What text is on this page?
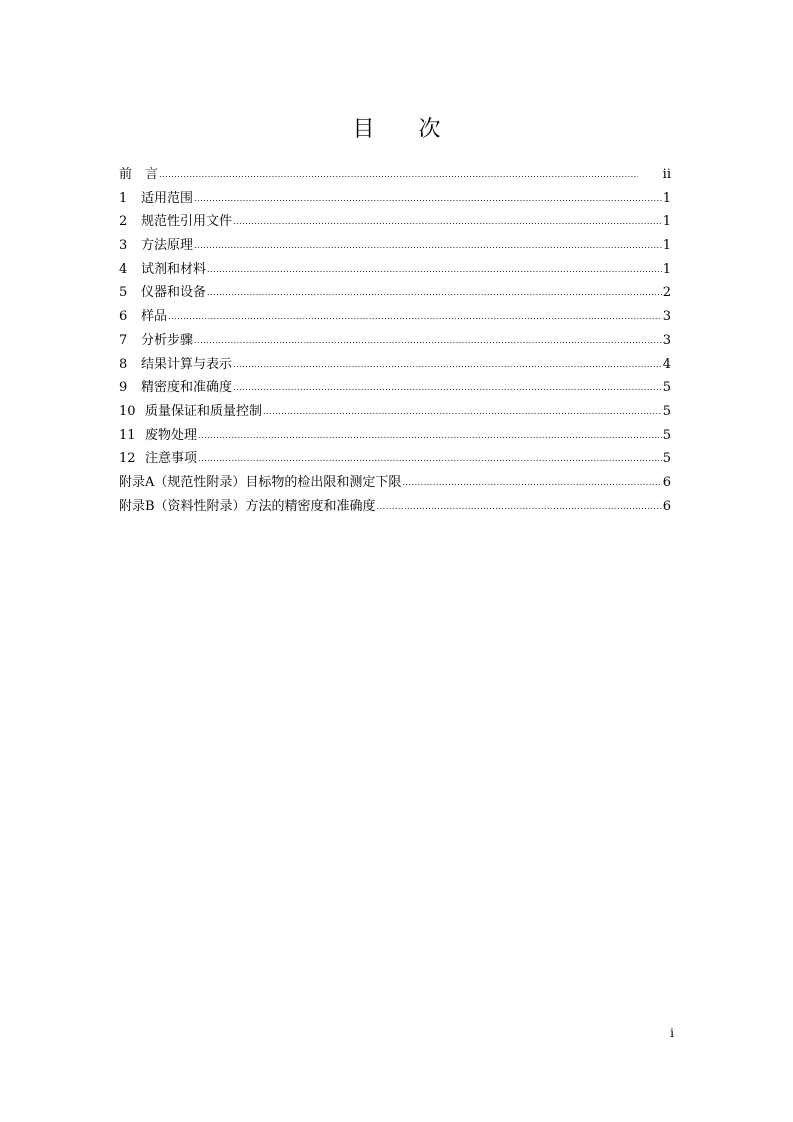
目 次
前　言 .....	ii
1	适用范围 .....	1
2	规范性引用文件 .....	1
3	方法原理 .....	1
4	试剂和材料 .....	1
5	仪器和设备 .....	2
6	样品 .....	3
7	分析步骤 .....	3
8	结果计算与表示 .....	4
9	精密度和准确度 .....	5
10 质量保证和质量控制 .....	5
11 废物处理 .....	5
12 注意事项 .....	5
附录A（规范性附录）目标物的检出限和测定下限 .....	6
附录B（资料性附录）方法的精密度和准确度 .....	6
i
